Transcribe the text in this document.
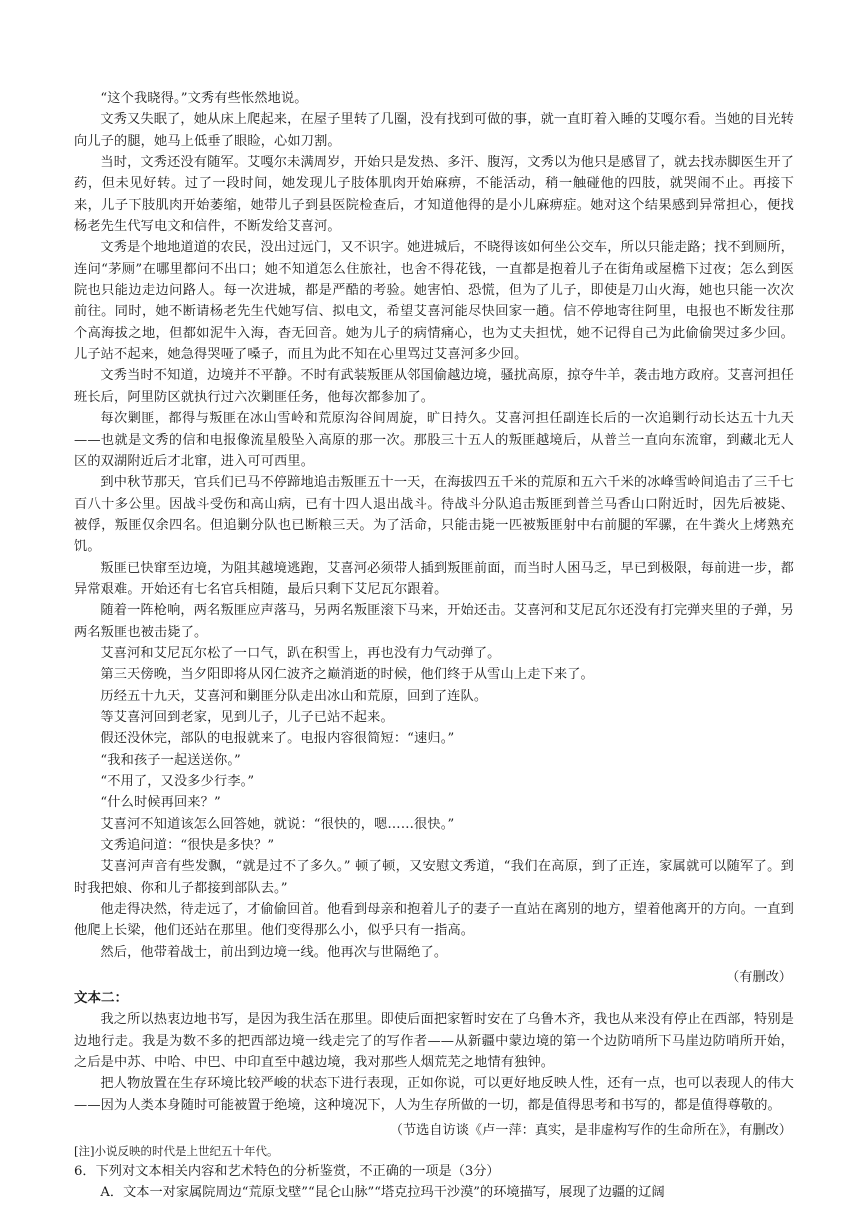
“这个我晓得。”文秀有些怅然地说。

文秀又失眠了，她从床上爬起来，在屋子里转了几圈，没有找到可做的事，就一直盯着入睡的艾嘎尔看。当她的目光转向儿子的腿，她马上低垂了眼睑，心如刀割。

当时，文秀还没有随军。艾嘎尔未满周岁，开始只是发热、多汗、腹泻，文秀以为他只是感冒了，就去找赤脚医生开了药，但未见好转。过了一段时间，她发现儿子肢体肌肉开始麻痹，不能活动，稍一触碰他的四肢，就哭闹不止。再接下来，儿子下肢肌肉开始萎缩，她带儿子到县医院检查后，才知道他得的是小儿麻痹症。她对这个结果感到异常担心，便找杨老先生代写电文和信件，不断发给艾喜河。

文秀是个地地道道的农民，没出过远门，又不识字。她进城后，不晓得该如何坐公交车，所以只能走路；找不到厕所，连问“茅厕”在哪里都问不出口；她不知道怎么住旅社，也舍不得花钱，一直都是抱着儿子在街角或屋檐下过夜；怎么到医院也只能边走边问路人。每一次进城，都是严酷的考验。她害怕、恐慌，但为了儿子，即使是刀山火海，她也只能一次次前往。同时，她不断请杨老先生代她写信、拟电文，希望艾喜河能尽快回家一趟。信不停地寄往阿里，电报也不断发往那个高海拔之地，但都如泥牛入海，杳无回音。她为儿子的病情痛心，也为丈夫担忧，她不记得自己为此偷偷哭过多少回。儿子站不起来，她急得哭哑了嗓子，而且为此不知在心里骂过艾喜河多少回。

文秀当时不知道，边境并不平静。不时有武装叛匪从邻国偷越边境，骚扰高原，掠夺牛羊，袭击地方政府。艾喜河担任班长后，阿里防区就执行过六次剿匪任务，他每次都参加了。

每次剿匪，都得与叛匪在冰山雪岭和荒原沟谷间周旋，旷日持久。艾喜河担任副连长后的一次追剿行动长达五十九天——也就是文秀的信和电报像流星般坠入高原的那一次。那股三十五人的叛匪越境后，从普兰一直向东流窜，到藏北无人区的双湖附近后才北窜，进入可可西里。

到中秋节那天，官兵们已马不停蹄地追击叛匪五十一天，在海拔四五千米的荒原和五六千米的冰峰雪岭间追击了三千七百八十多公里。因战斗受伤和高山病，已有十四人退出战斗。待战斗分队追击叛匪到普兰马香山口附近时，因先后被毙、被俘，叛匪仅余四名。但追剿分队也已断粮三天。为了活命，只能击毙一匹被叛匪射中右前腿的军骡，在牛粪火上烤熟充饥。

叛匪已快窜至边境，为阻其越境逃跑，艾喜河必须带人插到叛匪前面，而当时人困马乏，早已到极限，每前进一步，都异常艰难。开始还有七名官兵相随，最后只剩下艾尼瓦尔跟着。

随着一阵枪响，两名叛匪应声落马，另两名叛匪滚下马来，开始还击。艾喜河和艾尼瓦尔还没有打完弹夹里的子弹，另两名叛匪也被击毙了。

艾喜河和艾尼瓦尔松了一口气，趴在积雪上，再也没有力气动弹了。

第三天傍晚，当夕阳即将从冈仁波齐之巅消逝的时候，他们终于从雪山上走下来了。

历经五十九天，艾喜河和剿匪分队走出冰山和荒原，回到了连队。

等艾喜河回到老家，见到儿子，儿子已站不起来。

假还没休完，部队的电报就来了。电报内容很简短：“速归。”

“我和孩子一起送送你。”

“不用了，又没多少行李。”

“什么时候再回来？”

艾喜河不知道该怎么回答她，就说：“很快的，嗯……很快。”

文秀追问道：“很快是多快？”

艾喜河声音有些发飘，“就是过不了多久。” 顿了顿，又安慰文秀道，“我们在高原，到了正连，家属就可以随军了。到时我把娘、你和儿子都接到部队去。”

他走得决然，待走远了，才偷偷回首。他看到母亲和抱着儿子的妻子一直站在离别的地方，望着他离开的方向。一直到他爬上长梁，他们还站在那里。他们变得那么小，似乎只有一指高。

然后，他带着战士，前出到边境一线。他再次与世隔绝了。

（有删改）

文本二：

我之所以热衷边地书写，是因为我生活在那里。即使后面把家暂时安在了乌鲁木齐，我也从来没有停止在西部，特别是边地行走。我是为数不多的把西部边境一线走完了的写作者——从新疆中蒙边境的第一个边防哨所下马崖边防哨所开始，之后是中苏、中哈、中巴、中印直至中越边境，我对那些人烟荒芜之地情有独钟。

把人物放置在生存环境比较严峻的状态下进行表现，正如你说，可以更好地反映人性，还有一点，也可以表现人的伟大——因为人类本身随时可能被置于绝境，这种境况下，人为生存所做的一切，都是值得思考和书写的，都是值得尊敬的。

（节选自访谈《卢一萍：真实，是非虚构写作的生命所在》，有删改）

[注]小说反映的时代是上世纪五十年代。

6．下列对文本相关内容和艺术特色的分析鉴赏，不正确的一项是（3分）

A．文本一对家属院周边“荒原戈壁”“昆仑山脉”“塔克拉玛干沙漠”的环境描写，展现了边疆的辽阔
